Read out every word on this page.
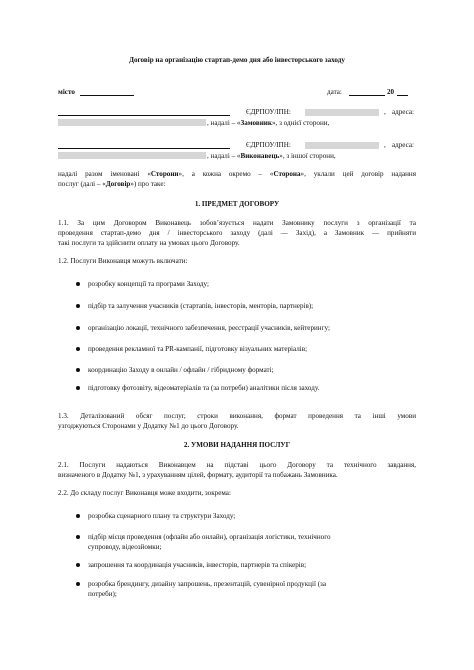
Договір на організацію стартап-демо дня або інвесторського заходу
місто	дата:	20
ЄДРПОУ/ІПН:	, адреса:
, надалі – «Замовник», з однієї сторони,
ЄДРПОУ/ІПН:	, адреса:
, надалі – «Виконавець», з іншої сторони,
надалі разом іменовані «Сторони», а кожна окремо – «Сторона», уклали цей договір надання
послуг (далі – «Договір») про таке:
1. ПРЕДМЕТ ДОГОВОРУ
1.1. За цим Договором Виконавець зобов’язується надати Замовнику послуги з організації та
проведення стартап-демо дня / інвесторського заходу (далі — Захід), а Замовник — прийняти
такі послуги та здійснити оплату на умовах цього Договору.
1.2. Послуги Виконавця можуть включати:
розробку концепції та програми Заходу;
підбір та залучення учасників (стартапів, інвесторів, менторів, партнерів);
організацію локації, технічного забезпечення, реєстрації учасників, кейтерингу;
проведення рекламної та PR-кампанії, підготовку візуальних матеріалів;
координацію Заходу в онлайн / офлайн / гібридному форматі;
підготовку фотозвіту, відеоматеріалів та (за потреби) аналітики після заходу.
1.3. Деталізований обсяг послуг, строки виконання, формат проведення та інші умови
узгоджуються Сторонами у Додатку №1 до цього Договору.
2. УМОВИ НАДАННЯ ПОСЛУГ
2.1. Послуги надаються Виконавцем на підставі цього Договору та технічного завдання,
визначеного в Додатку №1, з урахуванням цілей, формату, аудиторії та побажань Замовника.
2.2. До складу послуг Виконавця може входити, зокрема:
розробка сценарного плану та структури Заходу;
підбір місця проведення (офлайн або онлайн), організація логістики, технічного
супроводу, відеозйомки;
запрошення та координація учасників, інвесторів, партнерів та спікерів;
розробка брендингу, дизайну запрошень, презентацій, сувенірної продукції (за
потреби);
